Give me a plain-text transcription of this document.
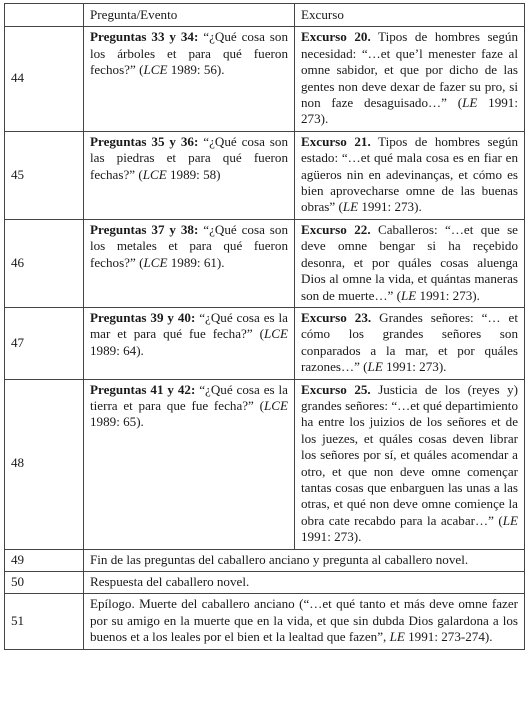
	Pregunta/Evento	Excurso
44	Preguntas 33 y 34: “¿Qué cosa son los árboles et para qué fueron fechos?” (LCE 1989: 56).	Excurso 20. Tipos de hombres según necesidad: “…et que’l menester faze al omne sabidor, et que por dicho de las gentes non deve dexar de fazer su pro, si non faze desaguisado…” (LE 1991: 273).
45	Preguntas 35 y 36: “¿Qué cosa son las piedras et para qué fueron fechas?” (LCE 1989: 58)	Excurso 21. Tipos de hombres según estado: “…et qué mala cosa es en fiar en agüeros nin en adevinanças, et cómo es bien aprovecharse omne de las buenas obras” (LE 1991: 273).
46	Preguntas 37 y 38: “¿Qué cosa son los metales et para qué fueron fechos?” (LCE 1989: 61).	Excurso 22. Caballeros: “…et que se deve omne bengar si ha reçebido desonra, et por quáles cosas aluenga Dios al omne la vida, et quántas maneras son de muerte…” (LE 1991: 273).
47	Preguntas 39 y 40: “¿Qué cosa es la mar et para qué fue fecha?” (LCE 1989: 64).	Excurso 23. Grandes señores: “… et cómo los grandes señores son conparados a la mar, et por quáles razones…” (LE 1991: 273).
48	Preguntas 41 y 42: “¿Qué cosa es la tierra et para que fue fecha?” (LCE 1989: 65).	Excurso 25. Justicia de los (reyes y) grandes señores: “…et qué departimiento ha entre los juizios de los señores et de los juezes, et quáles cosas deven librar los señores por sí, et quáles acomendar a otro, et que non deve omne començar tantas cosas que enbarguen las unas a las otras, et qué non deve omne comiençe la obra cate recabdo para la acabar…” (LE 1991: 273).
49	Fin de las preguntas del caballero anciano y pregunta al caballero novel.	
50	Respuesta del caballero novel.	
51	Epílogo. Muerte del caballero anciano (“…et qué tanto et más deve omne fazer por su amigo en la muerte que en la vida, et que sin dubda Dios galardona a los buenos et a los leales por el bien et la lealtad que fazen”, LE 1991: 273-274).	
